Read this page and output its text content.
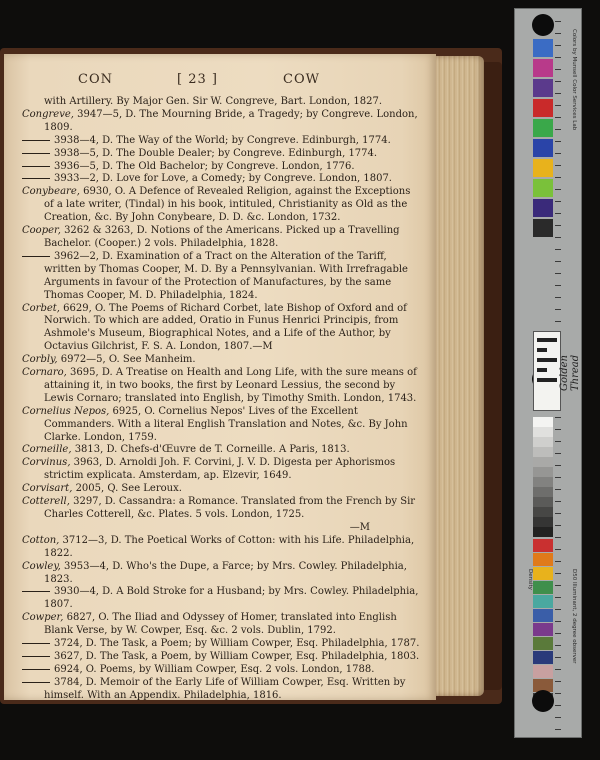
CON	[ 23 ]	COW

with Artillery. By Major Gen. Sir W. Congreve, Bart. London, 1827.

Congreve, 3947—5, D. The Mourning Bride, a Tragedy; by Congreve. London, 1809.

3938—4, D. The Way of the World; by Congreve. Edinburgh, 1774.

3938—5, D. The Double Dealer; by Congreve. Edinburgh, 1774.

3936—5, D. The Old Bachelor; by Congreve. London, 1776.

3933—2, D. Love for Love, a Comedy; by Congreve. London, 1807.

Conybeare, 6930, O. A Defence of Revealed Religion, against the Exceptions of a late writer, (Tindal) in his book, intituled, Christianity as Old as the Creation, &c. By John Conybeare, D. D. &c. London, 1732.

Cooper, 3262 & 3263, D. Notions of the Americans. Picked up a Travelling Bachelor. (Cooper.) 2 vols. Philadelphia, 1828.

3962—2, D. Examination of a Tract on the Alteration of the Tariff, written by Thomas Cooper, M. D. By a Pennsylvanian. With Irrefragable Arguments in favour of the Protection of Manufactures, by the same Thomas Cooper, M. D. Philadelphia, 1824.

Corbet, 6629, O. The Poems of Richard Corbet, late Bishop of Oxford and of Norwich. To which are added, Oratio in Funus Henrici Principis, from Ashmole's Museum, Biographical Notes, and a Life of the Author, by Octavius Gilchrist, F. S. A. London, 1807.—M

Corbly, 6972—5, O. See Manheim.

Cornaro, 3695, D. A Treatise on Health and Long Life, with the sure means of attaining it, in two books, the first by Leonard Lessius, the second by Lewis Cornaro; translated into English, by Timothy Smith. London, 1743.

Cornelius Nepos, 6925, O. Cornelius Nepos' Lives of the Excellent Commanders. With a literal English Translation and Notes, &c. By John Clarke. London, 1759.

Corneille, 3813, D. Chefs-d'Œuvre de T. Corneille. A Paris, 1813.

Corvinus, 3963, D. Arnoldi Joh. F. Corvini, J. V. D. Digesta per Aphorismos strictim explicata. Amsterdam, ap. Elzevir, 1649.

Corvisart, 2005, Q. See Leroux.

Cotterell, 3297, D. Cassandra: a Romance. Translated from the French by Sir Charles Cotterell, &c. Plates. 5 vols. London, 1725.
—M

Cotton, 3712—3, D. The Poetical Works of Cotton: with his Life. Philadelphia, 1822.

Cowley, 3953—4, D. Who's the Dupe, a Farce; by Mrs. Cowley. Philadelphia, 1823.

3930—4, D. A Bold Stroke for a Husband; by Mrs. Cowley. Philadelphia, 1807.

Cowper, 6827, O. The Iliad and Odyssey of Homer, translated into English Blank Verse, by W. Cowper, Esq. &c. 2 vols. Dublin, 1792.

3724, D. The Task, a Poem; by William Cowper, Esq. Philadelphia, 1787.

3627, D. The Task, a Poem, by William Cowper, Esq. Philadelphia, 1803.

6924, O. Poems, by William Cowper, Esq. 2 vols. London, 1788.

3784, D. Memoir of the Early Life of William Cowper, Esq. Written by himself. With an Appendix. Philadelphia, 1816.

Colors by Munsell Color Services Lab
D50 Illuminant, 2 degree observer
Density
Golden Thread
